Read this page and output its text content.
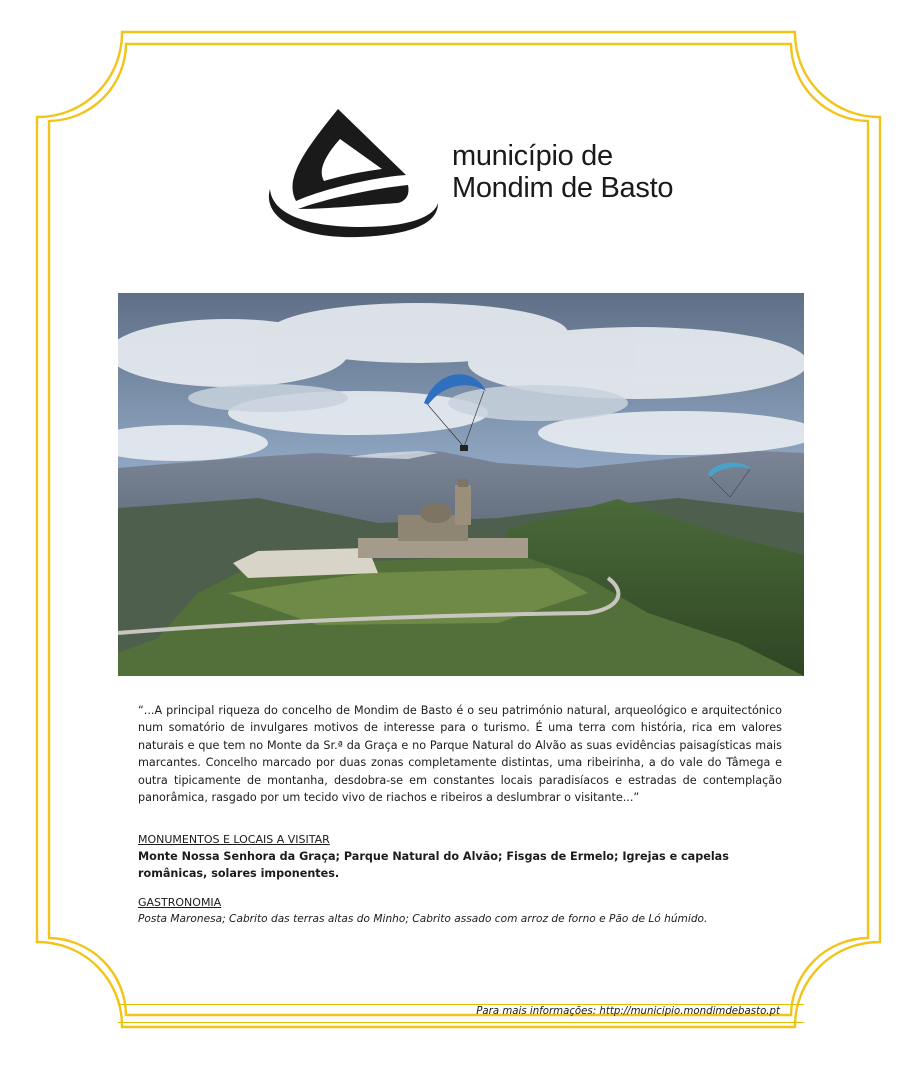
município de
Mondim de Basto

“...A principal riqueza do concelho de Mondim de Basto é o seu património natural, arqueológico e arquitectónico num somatório de invulgares motivos de interesse para o turismo. É uma terra com história, rica em valores naturais e que tem no Monte da Sr.ª da Graça e no Parque Natural do Alvão as suas evidências paisagísticas mais marcantes. Concelho marcado por duas zonas completamente distintas, uma ribeirinha, a do vale do Tâmega e outra tipicamente de montanha, desdobra-se em constantes locais paradisíacos e estradas de contemplação panorâmica, rasgado por um tecido vivo de riachos e ribeiros a deslumbrar o visitante...”

MONUMENTOS E LOCAIS A VISITAR

Monte Nossa Senhora da Graça; Parque Natural do Alvão; Fisgas de Ermelo; Igrejas e capelas românicas, solares imponentes.

GASTRONOMIA

Posta Maronesa; Cabrito das terras altas do Minho; Cabrito assado com arroz de forno e Pão de Ló húmido.

Para mais informações: http://municipio.mondimdebasto.pt
